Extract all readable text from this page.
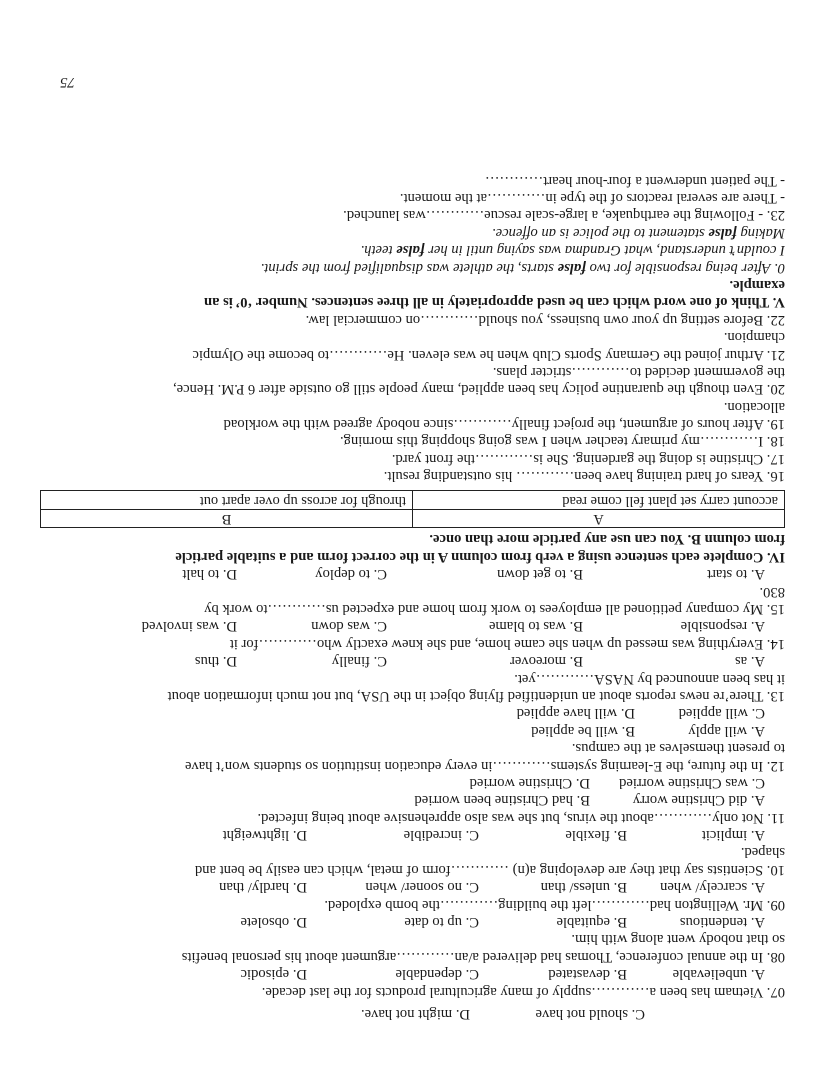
C. should not have
D. might not have.
07. Vietnam has been a…………supply of many agricultural products for the last decade.
A. unbelievable
B. devastated
C. dependable
D. episodic
08. In the annual conference, Thomas had delivered a/an…………argument about his personal benefits
so that nobody went along with him.
A. tendentious
B. equitable
C. up to date
D. obsolete
09. Mr. Wellington had…………left the building…………the bomb exploded.
A. scarcely/ when
B. unless/ than
C. no sooner/ when
D. hardly/ than
10. Scientists say that they are developing a(n) …………form of metal, which can easily be bent and
shaped.
A. implicit
B. flexible
C. incredible
D. lightweight
11. Not only…………about the virus, but she was also apprehensive about being infected.
A. did Christine worry
B. had Christine been worried
C. was Christine worried
D. Christine worried
12. In the future, the E-learning systems…………in every education institution so students won’t have
to present themselves at the campus.
A. will apply
B. will be applied
C. will applied
D. will have applied
13. There’re news reports about an unidentified flying object in the USA, but not much information about
it has been announced by NASA…………yet.
A. as
B. moreover
C. finally
D. thus
14. Everything was messed up when she came home, and she knew exactly who…………for it
A. responsible
B. was to blame
C. was down
D. was involved
15. My company petitioned all employees to work from home and expected us…………to work by
830.
A. to start
B. to get down
C. to deploy
D. to halt
IV. Complete each sentence using a verb from column A in the correct form and a suitable particle
from column B. You can use any particle more than once.
A	B
account carry set plant fell come read	through for across up over apart out
16. Years of hard training have been………… his outstanding result.
17. Christine is doing the gardening. She is…………the front yard.
18. I…………my primary teacher when I was going shopping this morning.
19. After hours of argument, the project finally…………since nobody agreed with the workload
allocation.
20. Even though the quarantine policy has been applied, many people still go outside after 6 P.M. Hence,
the government decided to…………stricter plans.
21. Arthur joined the Germany Sports Club when he was eleven. He…………to become the Olympic
champion.
22. Before setting up your own business, you should…………on commercial law.
V. Think of one word which can be used appropriately in all three sentences. Number ‘0’ is an
example.
0. After being responsible for two false starts, the athlete was disqualified from the sprint.
I couldn’t understand, what Grandma was saying until in her false teeth.
Making false statement to the police is an offence.
23. - Following the earthquake, a large-scale rescue…………was launched.
- There are several reactors of the type in…………at the moment.
- The patient underwent a four-hour heart…………
75
